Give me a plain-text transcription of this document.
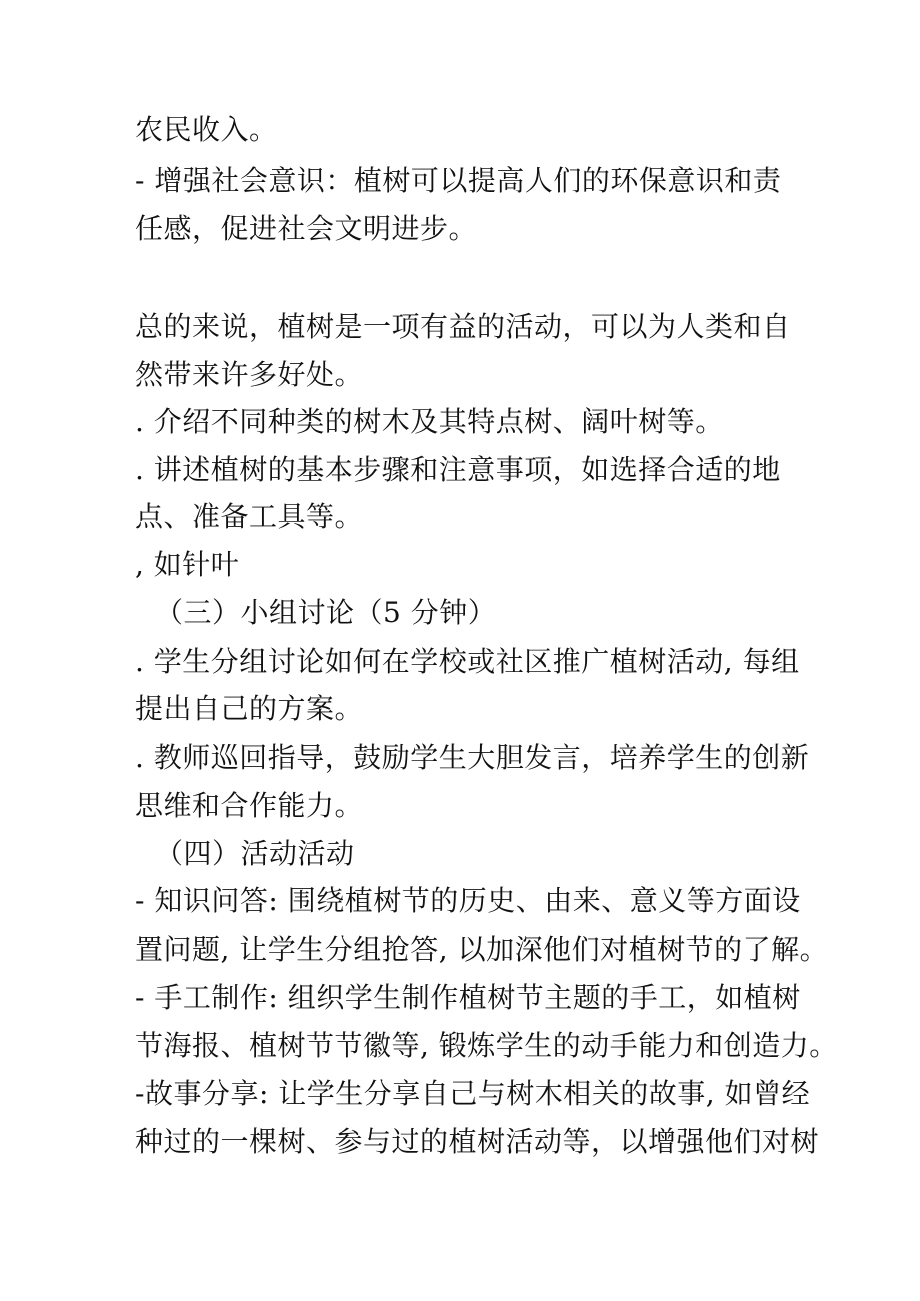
农民收入。
- 增强社会意识：植树可以提高人们的环保意识和责
任感，促进社会文明进步。
总的来说，植树是一项有益的活动，可以为人类和自
然带来许多好处。
. 介绍不同种类的树木及其特点树、阔叶树等。
. 讲述植树的基本步骤和注意事项，如选择合适的地
点、准备工具等。
, 如针叶
（三）小组讨论（5 分钟）
. 学生分组讨论如何在学校或社区推广植树活动, 每组
提出自己的方案。
. 教师巡回指导，鼓励学生大胆发言，培养学生的创新
思维和合作能力。
（四）活动活动
- 知识问答: 围绕植树节的历史、由来、意义等方面设
置问题, 让学生分组抢答, 以加深他们对植树节的了解。
- 手工制作: 组织学生制作植树节主题的手工，如植树
节海报、植树节节徽等, 锻炼学生的动手能力和创造力。
-故事分享: 让学生分享自己与树木相关的故事, 如曾经
种过的一棵树、参与过的植树活动等，以增强他们对树
